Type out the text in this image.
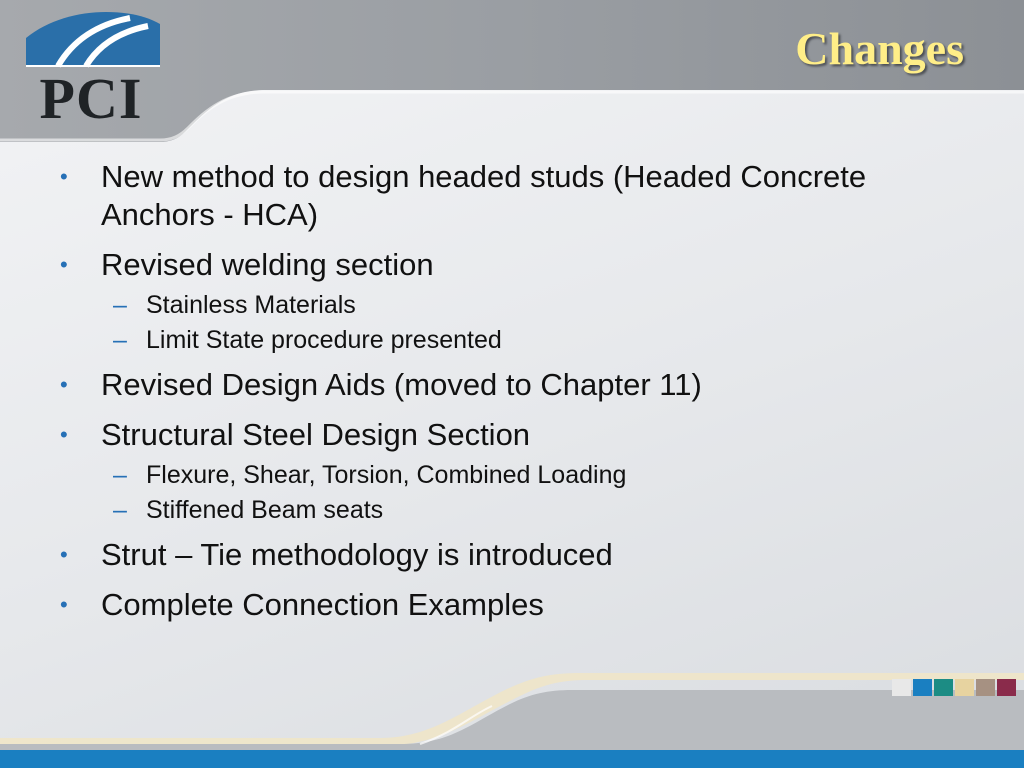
PCI
Changes
• New method to design headed studs (Headed Concrete Anchors - HCA)
• Revised welding section
– Stainless Materials
– Limit State procedure presented
• Revised Design Aids (moved to Chapter 11)
• Structural Steel Design Section
– Flexure, Shear, Torsion, Combined Loading
– Stiffened Beam seats
• Strut – Tie methodology is introduced
• Complete Connection Examples
